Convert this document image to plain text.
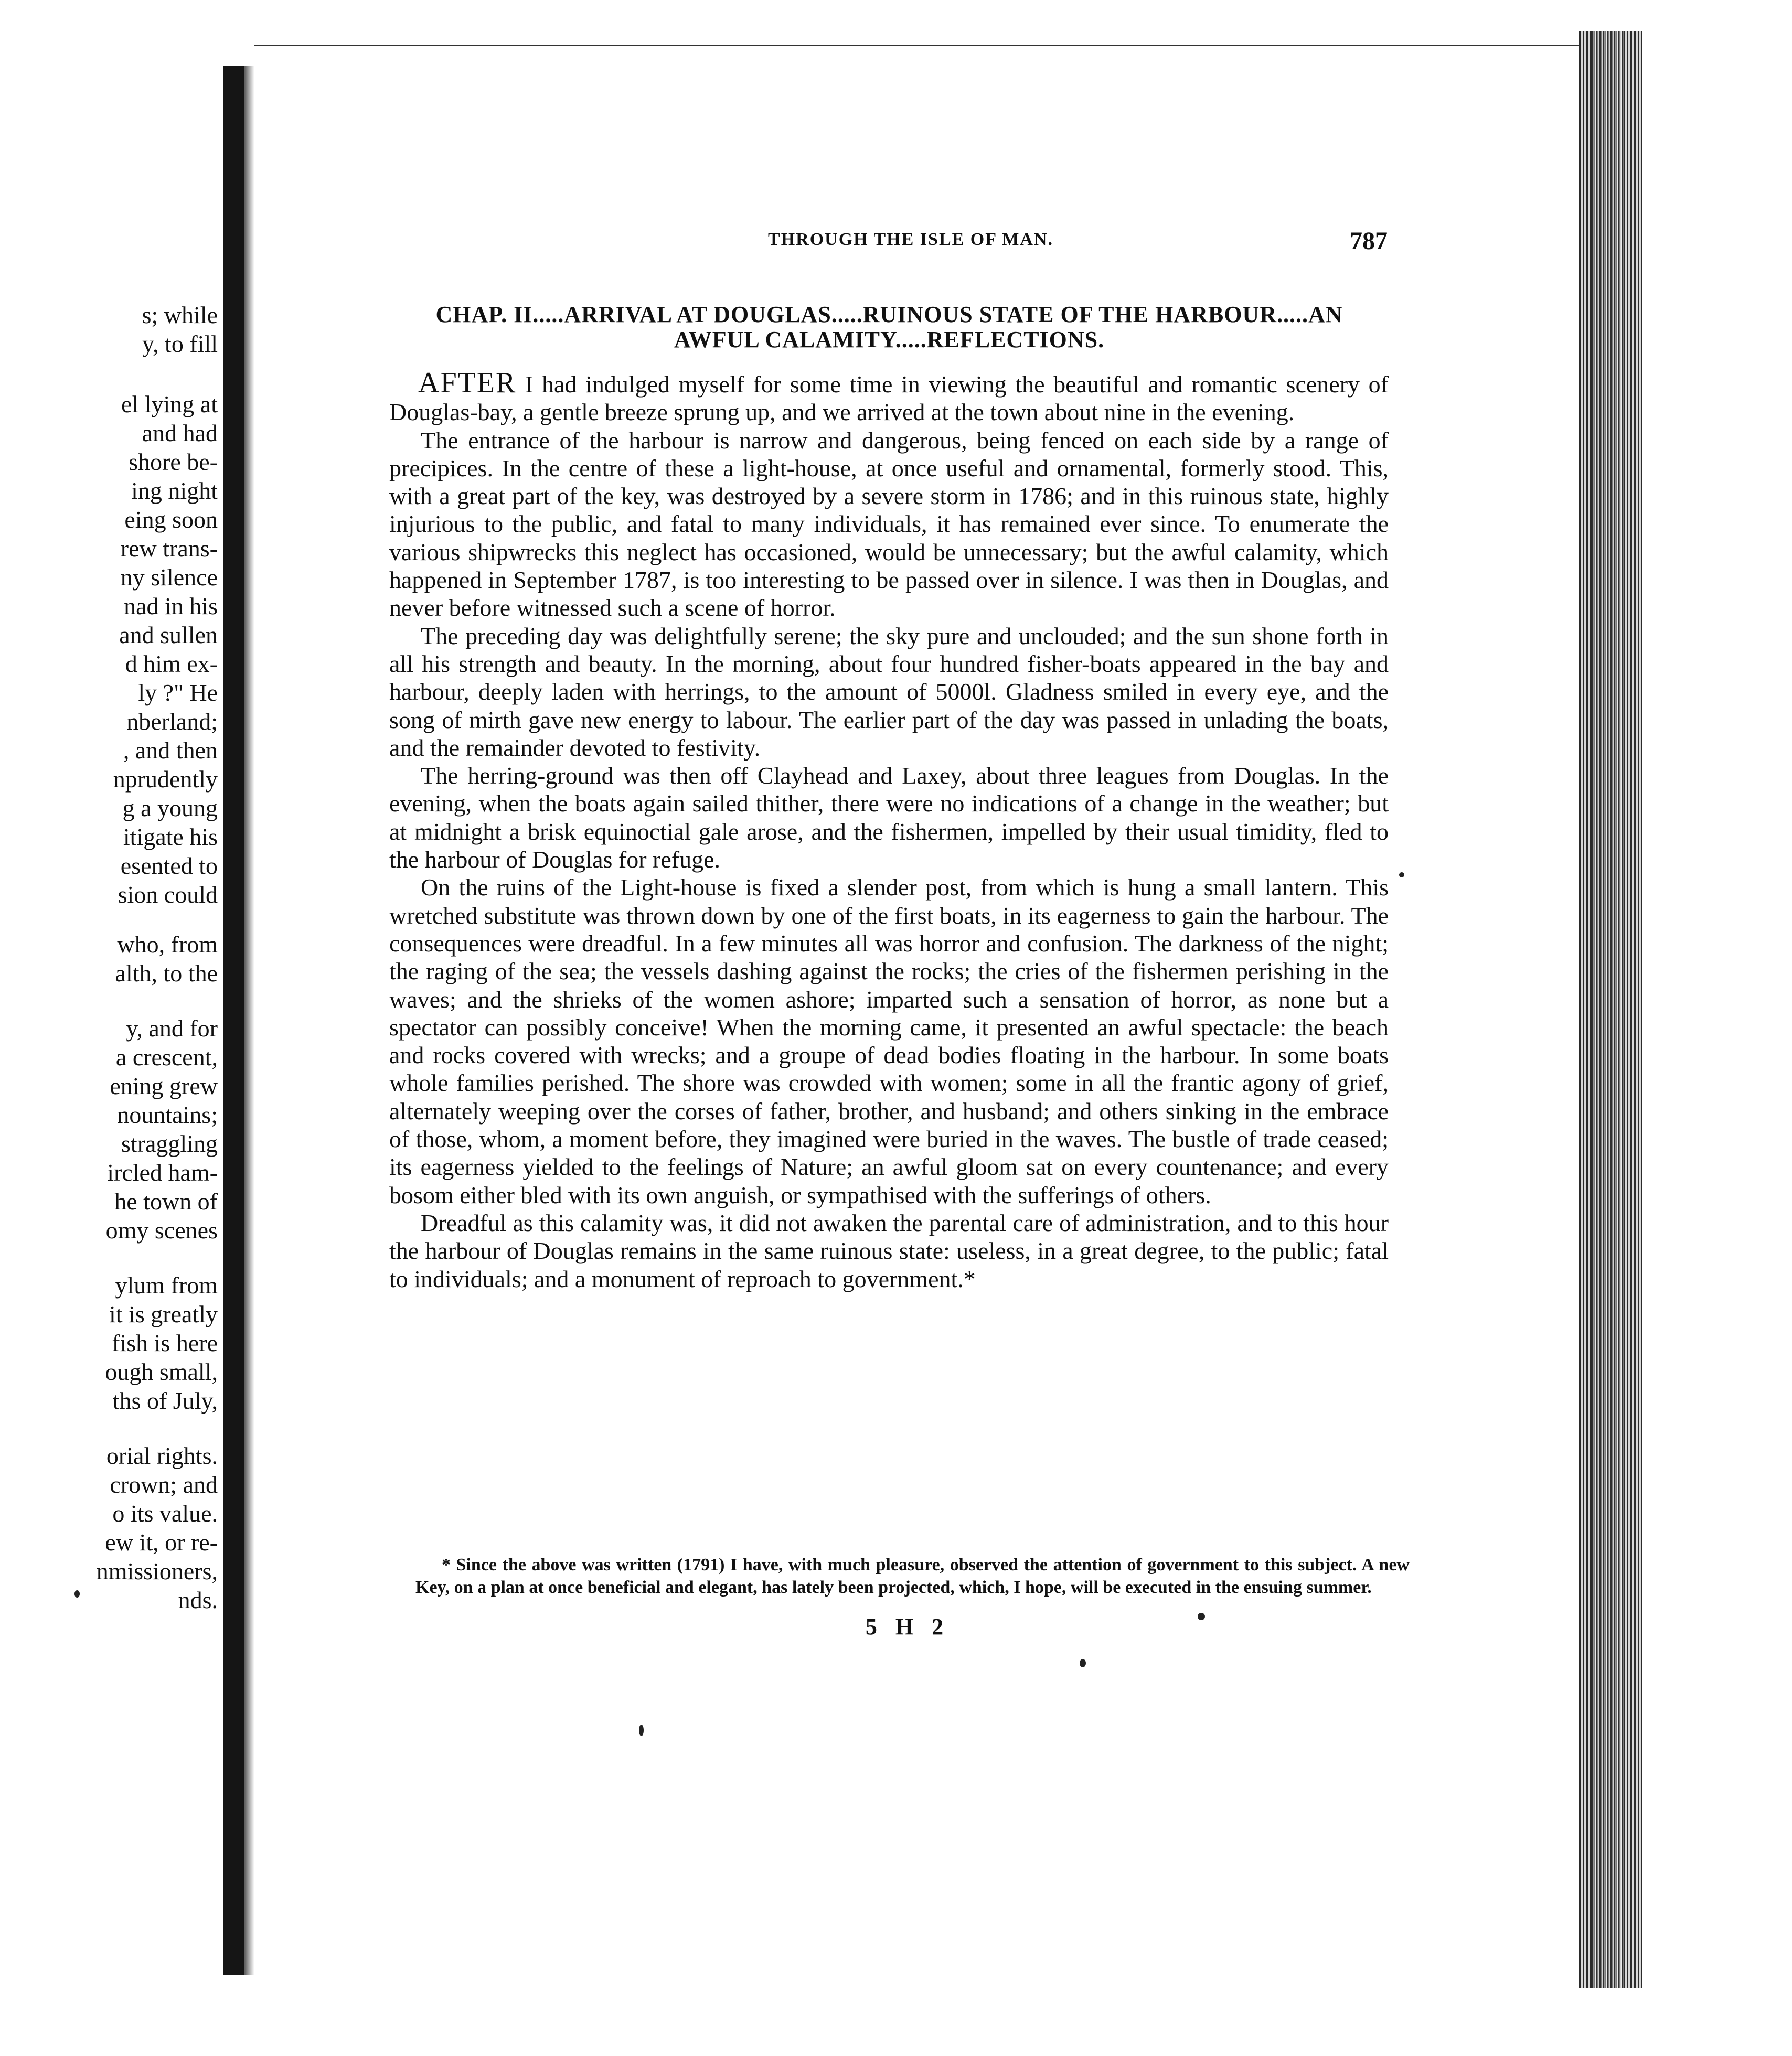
s; while
y, to fill
el lying at
and had
shore be-
ing night
eing soon
rew trans-
ny silence
nad in his
and sullen
d him ex-
ly ?" He
nberland;
, and then
nprudently
g a young
itigate his
esented to
sion could
who, from
alth, to the
y, and for
a crescent,
ening grew
nountains;
straggling
ircled ham-
he town of
omy scenes
ylum from
it is greatly
fish is here
ough small,
ths of July,
orial rights.
crown; and
o its value.
ew it, or re-
nmissioners,
nds.
THROUGH THE ISLE OF MAN.	787
CHAP. II.....ARRIVAL AT DOUGLAS.....RUINOUS STATE OF THE HARBOUR.....AN
AWFUL CALAMITY.....REFLECTIONS.

AFTER I had indulged myself for some time in viewing the beautiful and romantic scenery of Douglas-bay, a gentle breeze sprung up, and we arrived at the town about nine in the evening.

The entrance of the harbour is narrow and dangerous, being fenced on each side by a range of precipices. In the centre of these a light-house, at once useful and ornamental, formerly stood. This, with a great part of the key, was destroyed by a severe storm in 1786; and in this ruinous state, highly injurious to the public, and fatal to many individuals, it has remained ever since. To enumerate the various shipwrecks this neglect has occasioned, would be unnecessary; but the awful calamity, which happened in September 1787, is too interesting to be passed over in silence. I was then in Douglas, and never before witnessed such a scene of horror.

The preceding day was delightfully serene; the sky pure and unclouded; and the sun shone forth in all his strength and beauty. In the morning, about four hundred fisher-boats appeared in the bay and harbour, deeply laden with herrings, to the amount of 5000l. Gladness smiled in every eye, and the song of mirth gave new energy to labour. The earlier part of the day was passed in unlading the boats, and the remainder devoted to festivity.

The herring-ground was then off Clayhead and Laxey, about three leagues from Douglas. In the evening, when the boats again sailed thither, there were no indications of a change in the weather; but at midnight a brisk equinoctial gale arose, and the fishermen, impelled by their usual timidity, fled to the harbour of Douglas for refuge.

On the ruins of the Light-house is fixed a slender post, from which is hung a small lantern. This wretched substitute was thrown down by one of the first boats, in its eagerness to gain the harbour. The consequences were dreadful. In a few minutes all was horror and confusion. The darkness of the night; the raging of the sea; the vessels dashing against the rocks; the cries of the fishermen perishing in the waves; and the shrieks of the women ashore; imparted such a sensation of horror, as none but a spectator can possibly conceive! When the morning came, it presented an awful spectacle: the beach and rocks covered with wrecks; and a groupe of dead bodies floating in the harbour. In some boats whole families perished. The shore was crowded with women; some in all the frantic agony of grief, alternately weeping over the corses of father, brother, and husband; and others sinking in the embrace of those, whom, a moment before, they imagined were buried in the waves. The bustle of trade ceased; its eagerness yielded to the feelings of Nature; an awful gloom sat on every countenance; and every bosom either bled with its own anguish, or sympathised with the sufferings of others.

Dreadful as this calamity was, it did not awaken the parental care of administration, and to this hour the harbour of Douglas remains in the same ruinous state: useless, in a great degree, to the public; fatal to individuals; and a monument of reproach to government.*

* Since the above was written (1791) I have, with much pleasure, observed the attention of government to this subject. A new Key, on a plan at once beneficial and elegant, has lately been projected, which, I hope, will be executed in the ensuing summer.

5 H 2
